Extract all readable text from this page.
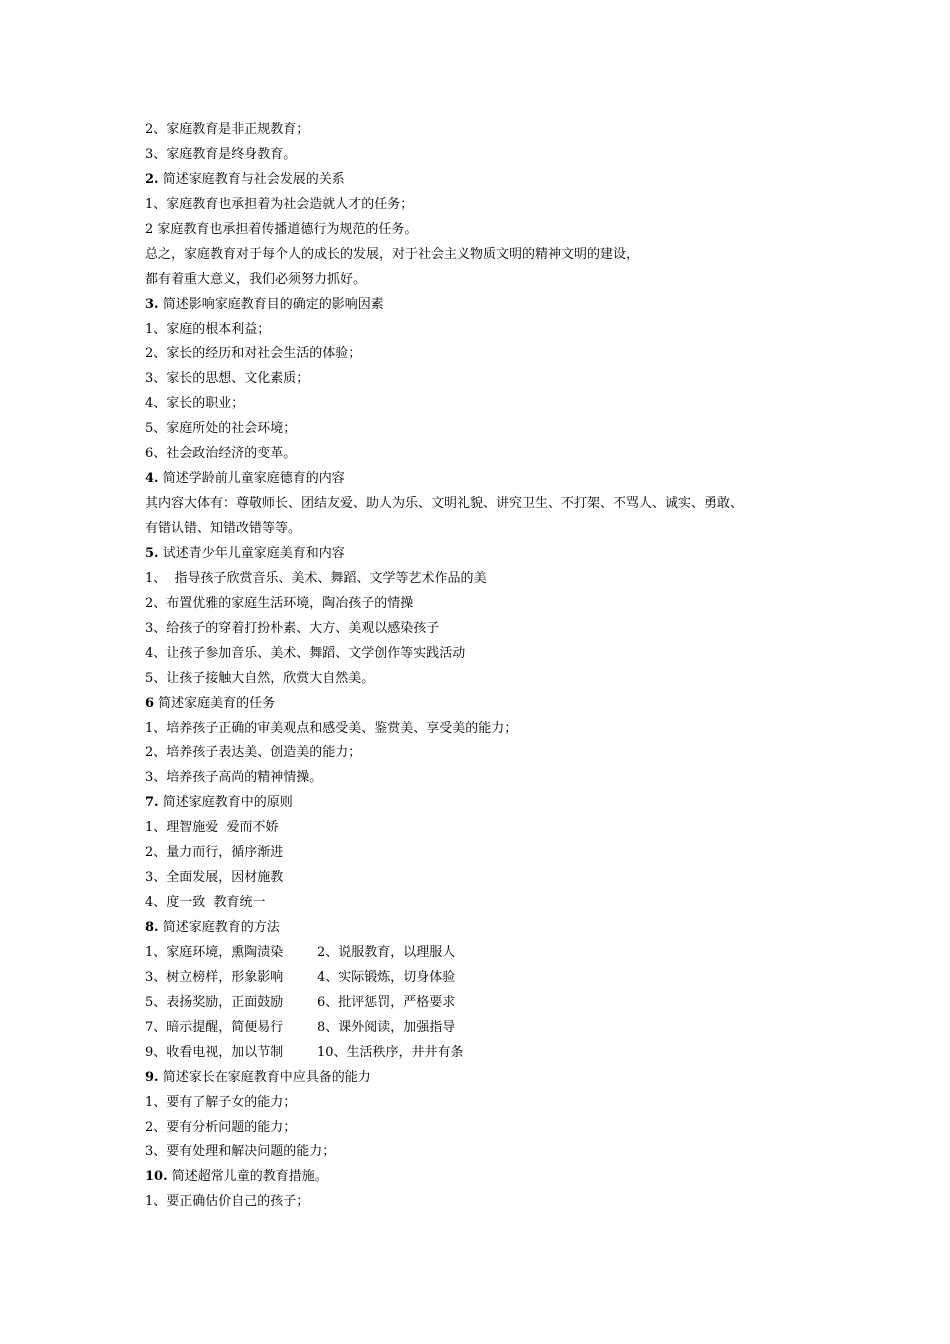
2、家庭教育是非正规教育；
3、家庭教育是终身教育。
2. 简述家庭教育与社会发展的关系
1、家庭教育也承担着为社会造就人才的任务；
2 家庭教育也承担着传播道德行为规范的任务。
总之，家庭教育对于每个人的成长的发展，对于社会主义物质文明的精神文明的建设，
都有着重大意义，我们必须努力抓好。
3. 简述影响家庭教育目的确定的影响因素
1、家庭的根本利益；
2、家长的经历和对社会生活的体验；
3、家长的思想、文化素质；
4、家长的职业；
5、家庭所处的社会环境；
6、社会政治经济的变革。
4. 简述学龄前儿童家庭德育的内容
其内容大体有：尊敬师长、团结友爱、助人为乐、文明礼貌、讲究卫生、不打架、不骂人、诚实、勇敢、
有错认错、知错改错等等。
5. 试述青少年儿童家庭美育和内容
1、  指导孩子欣赏音乐、美术、舞蹈、文学等艺术作品的美
2、布置优雅的家庭生活环境，陶冶孩子的情操
3、给孩子的穿着打扮朴素、大方、美观以感染孩子
4、让孩子参加音乐、美术、舞蹈、文学创作等实践活动
5、让孩子接触大自然，欣赏大自然美。
6 简述家庭美育的任务
1、培养孩子正确的审美观点和感受美、鉴赏美、享受美的能力；
2、培养孩子表达美、创造美的能力；
3、培养孩子高尚的精神情操。
7. 简述家庭教育中的原则
1、理智施爱  爱而不娇
2、量力而行，循序渐进
3、全面发展，因材施教
4、度一致  教育统一
8. 简述家庭教育的方法
1、家庭环境，熏陶渍染	2、说服教育，以理服人
3、树立榜样，形象影响	4、实际锻炼，切身体验
5、表扬奖励，正面鼓励	6、批评惩罚，严格要求
7、暗示提醒，简便易行	8、课外阅读，加强指导
9、收看电视，加以节制	10、生活秩序，井井有条
9. 简述家长在家庭教育中应具备的能力
1、要有了解子女的能力；
2、要有分析问题的能力；
3、要有处理和解决问题的能力；
10. 简述超常儿童的教育措施。
1、要正确估价自己的孩子；
